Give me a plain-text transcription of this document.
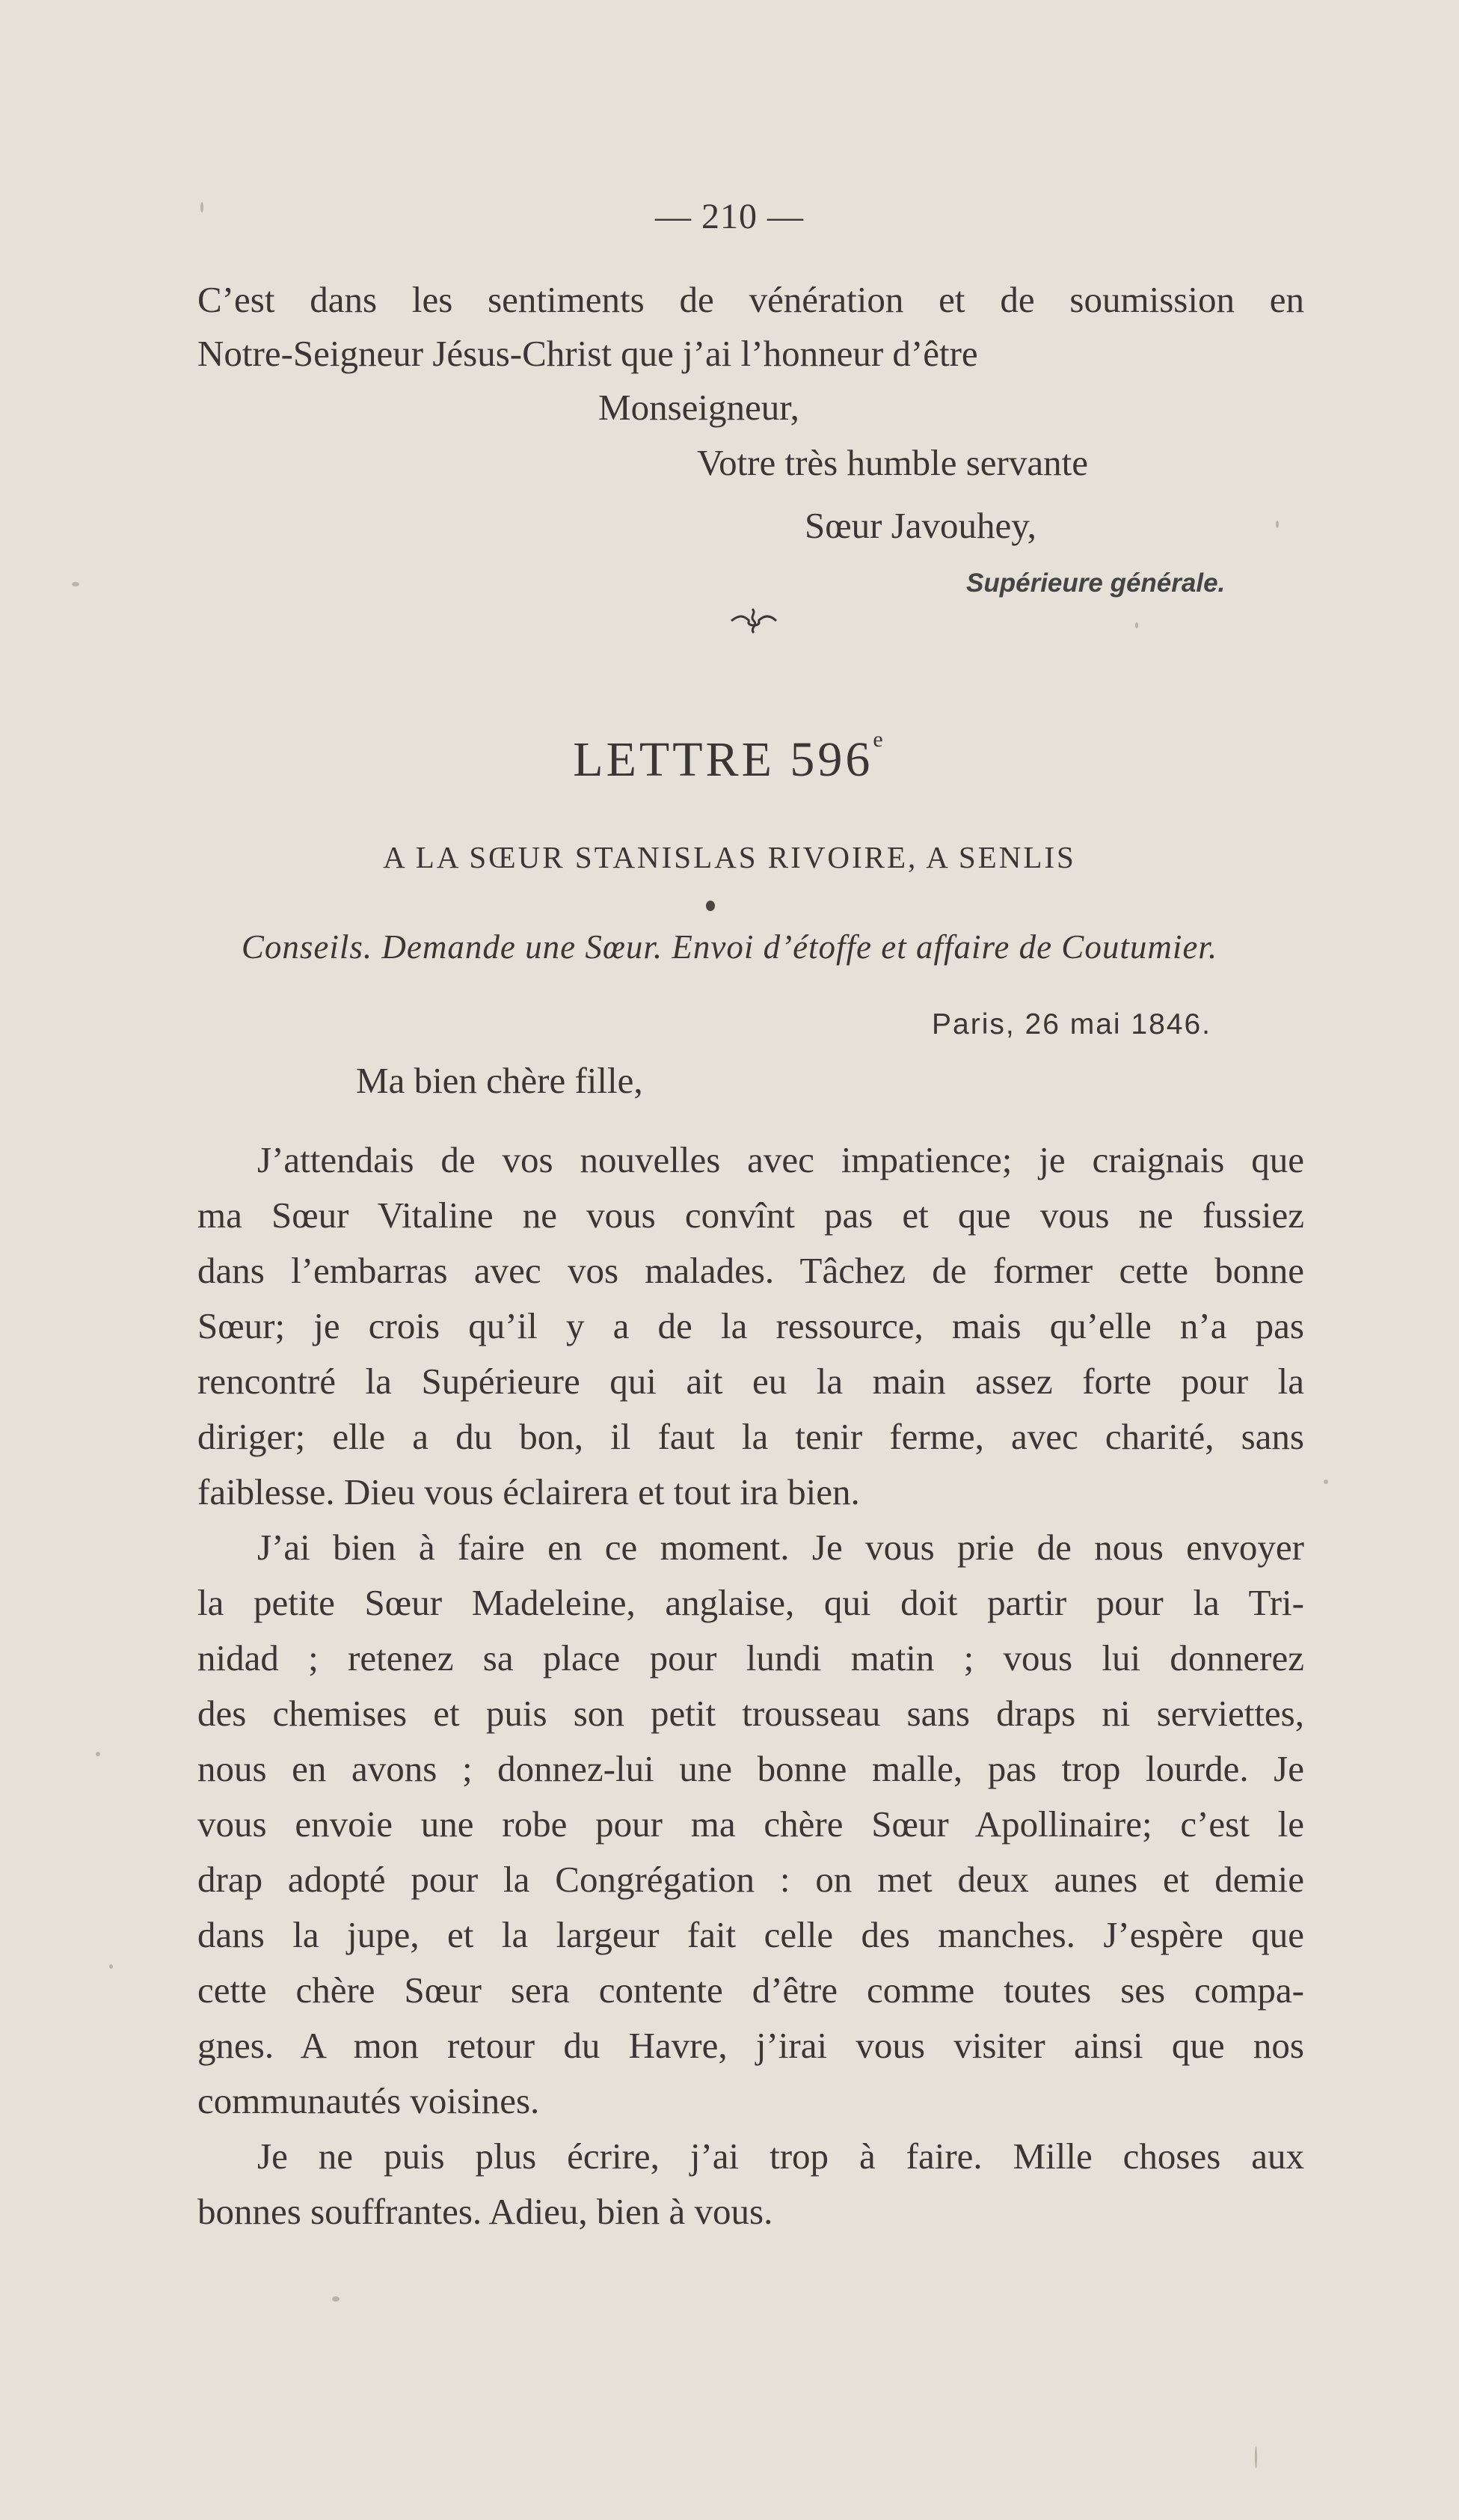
— 210 —
C’est dans les sentiments de vénération et de soumission en
Notre-Seigneur Jésus-Christ que j’ai l’honneur d’être
Monseigneur,
Votre très humble servante
Sœur Javouhey,
Supérieure générale.
LETTRE 596e
A LA SŒUR STANISLAS RIVOIRE, A SENLIS
Conseils. Demande une Sœur. Envoi d’étoffe et affaire de Coutumier.
Paris, 26 mai 1846.
Ma bien chère fille,
J’attendais de vos nouvelles avec impatience; je craignais que
ma Sœur Vitaline ne vous convînt pas et que vous ne fussiez
dans l’embarras avec vos malades. Tâchez de former cette bonne
Sœur; je crois qu’il y a de la ressource, mais qu’elle n’a pas
rencontré la Supérieure qui ait eu la main assez forte pour la
diriger; elle a du bon, il faut la tenir ferme, avec charité, sans
faiblesse. Dieu vous éclairera et tout ira bien.
J’ai bien à faire en ce moment. Je vous prie de nous envoyer
la petite Sœur Madeleine, anglaise, qui doit partir pour la Tri-
nidad ; retenez sa place pour lundi matin ; vous lui donnerez
des chemises et puis son petit trousseau sans draps ni serviettes,
nous en avons ; donnez-lui une bonne malle, pas trop lourde. Je
vous envoie une robe pour ma chère Sœur Apollinaire; c’est le
drap adopté pour la Congrégation : on met deux aunes et demie
dans la jupe, et la largeur fait celle des manches. J’espère que
cette chère Sœur sera contente d’être comme toutes ses compa-
gnes. A mon retour du Havre, j’irai vous visiter ainsi que nos
communautés voisines.
Je ne puis plus écrire, j’ai trop à faire. Mille choses aux
bonnes souffrantes. Adieu, bien à vous.
